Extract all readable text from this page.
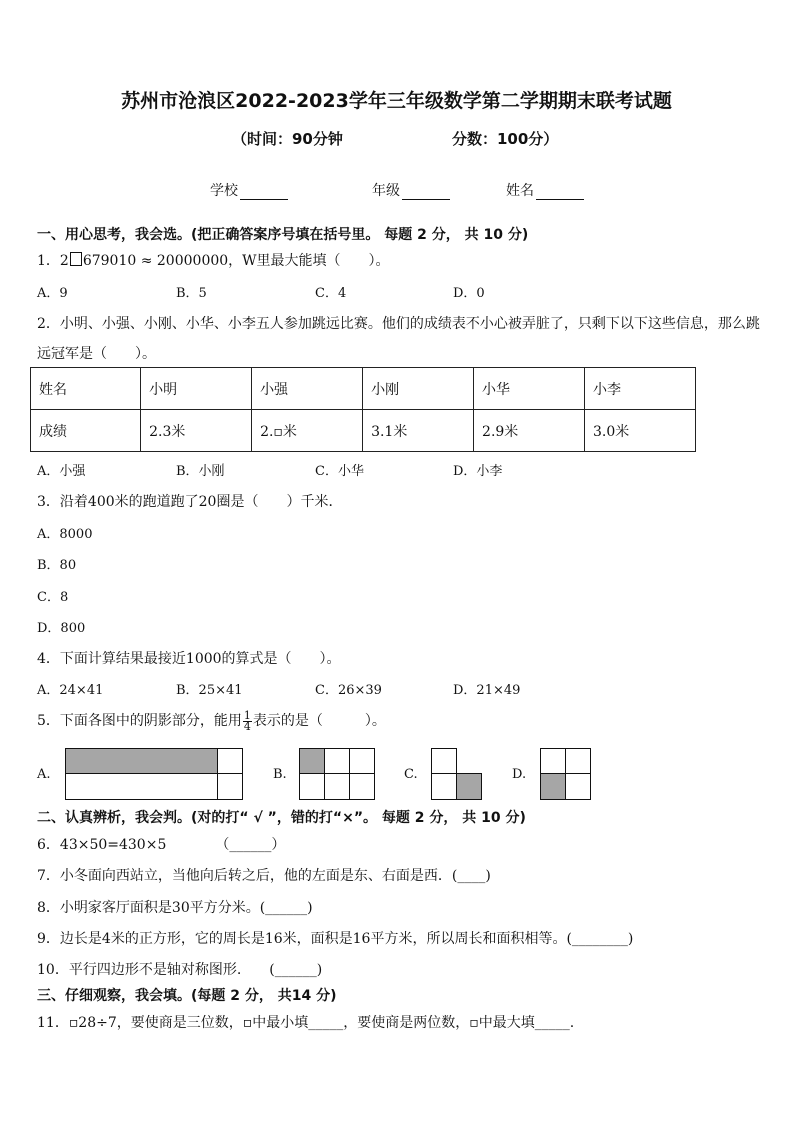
苏州市沧浪区2022-2023学年三年级数学第二学期期末联考试题
（时间：90分钟	分数：100分）
学校	年级	姓名
一、用心思考，我会选。(把正确答案序号填在括号里。 每题 2 分， 共 10 分)
1．2 679010 ≈ 20000000，W里最大能填（　　）。
A．9	B．5	C．4	D．0
2．小明、小强、小刚、小华、小李五人参加跳远比赛。他们的成绩表不小心被弄脏了，只剩下以下这些信息，那么跳
远冠军是（　　）。
姓名	小明	小强	小刚	小华	小李
成绩	2.3米	2.▫米	3.1米	2.9米	3.0米
A．小强	B．小刚	C．小华	D．小李
3．沿着400米的跑道跑了20圈是（　　）千米．
A．8000
B．80
C．8
D．800
4．下面计算结果最接近1000的算式是（　　）。
A．24×41	B．25×41	C．26×39	D．21×49
5．下面各图中的阴影部分，能用 $\frac{1}{4}$ 表示的是（　　　）。
A.	B.	C.	D.
二、认真辨析，我会判。(对的打“ √ ”，错的打“×”。 每题 2 分， 共 10 分)
6．43×50=430×5　　　　（______）
7．小冬面向西站立，当他向后转之后，他的左面是东、右面是西．(____)
8．小明家客厅面积是30平方分米。(______)
9．边长是4米的正方形，它的周长是16米，面积是16平方米，所以周长和面积相等。(________)
10．平行四边形不是轴对称图形.　　(______)
三、仔细观察，我会填。(每题 2 分， 共14 分)
11．▫28÷7，要使商是三位数，▫中最小填_____，要使商是两位数，▫中最大填_____.
